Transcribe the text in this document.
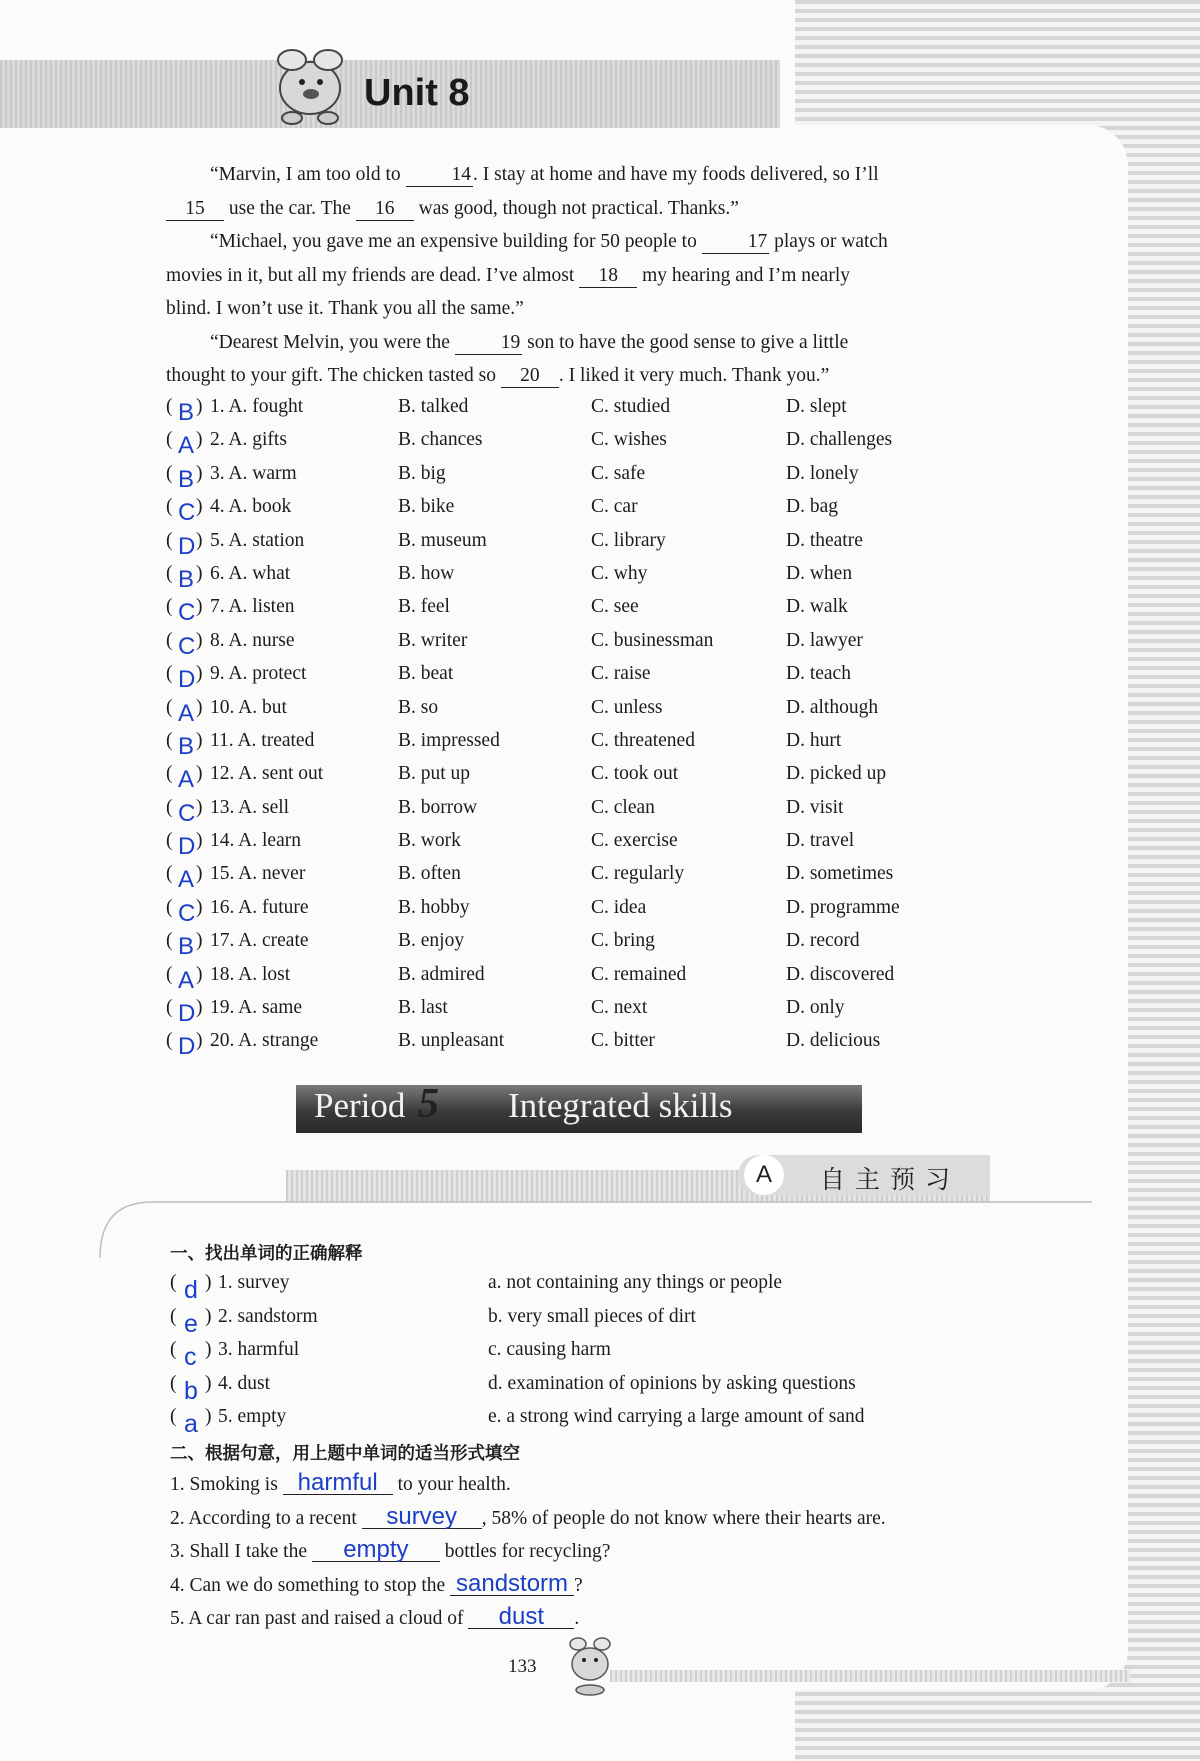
Unit 8

“Marvin, I am too old to 14 . I stay at home and have my foods delivered, so I’ll

15 use the car. The 16 was good, though not practical. Thanks.”

“Michael, you gave me an expensive building for 50 people to 17 plays or watch

movies in it, but all my friends are dead. I’ve almost 18 my hearing and I’m nearly

blind. I won’t use it. Thank you all the same.”

“Dearest Melvin, you were the 19 son to have the good sense to give a little

thought to your gift. The chicken tasted so 20 . I liked it very much. Thank you.”

( B ) 1. A. fought	B. talked	C. studied	D. slept
( A ) 2. A. gifts	B. chances	C. wishes	D. challenges
( B ) 3. A. warm	B. big	C. safe	D. lonely
( C ) 4. A. book	B. bike	C. car	D. bag
( D ) 5. A. station	B. museum	C. library	D. theatre
( B ) 6. A. what	B. how	C. why	D. when
( C ) 7. A. listen	B. feel	C. see	D. walk
( C ) 8. A. nurse	B. writer	C. businessman	D. lawyer
( D ) 9. A. protect	B. beat	C. raise	D. teach
( A ) 10. A. but	B. so	C. unless	D. although
( B ) 11. A. treated	B. impressed	C. threatened	D. hurt
( A ) 12. A. sent out	B. put up	C. took out	D. picked up
( C ) 13. A. sell	B. borrow	C. clean	D. visit
( D ) 14. A. learn	B. work	C. exercise	D. travel
( A ) 15. A. never	B. often	C. regularly	D. sometimes
( C ) 16. A. future	B. hobby	C. idea	D. programme
( B ) 17. A. create	B. enjoy	C. bring	D. record
( A ) 18. A. lost	B. admired	C. remained	D. discovered
( D ) 19. A. same	B. last	C. next	D. only
( D ) 20. A. strange	B. unpleasant	C. bitter	D. delicious
Period 5 Integrated skills
A	自主预习
一、找出单词的正确解释
( d ) 1. survey	a. not containing any things or people
( e ) 2. sandstorm	b. very small pieces of dirt
( c ) 3. harmful	c. causing harm
( b ) 4. dust	d. examination of opinions by asking questions
( a ) 5. empty	e. a strong wind carrying a large amount of sand
二、根据句意，用上题中单词的适当形式填空
1. Smoking is harmful to your health.
2. According to a recent survey , 58% of people do not know where their hearts are.
3. Shall I take the empty bottles for recycling?
4. Can we do something to stop the sandstorm ?
5. A car ran past and raised a cloud of dust .
133
